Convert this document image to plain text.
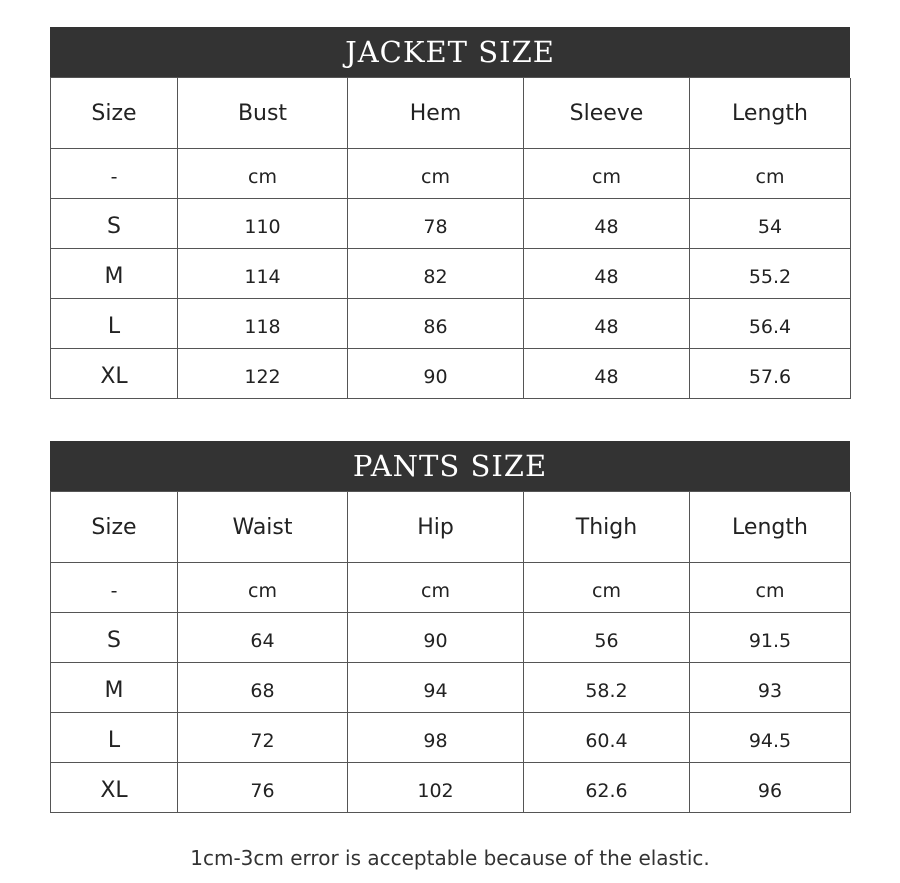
JACKET SIZE
Size	Bust	Hem	Sleeve	Length
-	cm	cm	cm	cm
S	110	78	48	54
M	114	82	48	55.2
L	118	86	48	56.4
XL	122	90	48	57.6
PANTS SIZE
Size	Waist	Hip	Thigh	Length
-	cm	cm	cm	cm
S	64	90	56	91.5
M	68	94	58.2	93
L	72	98	60.4	94.5
XL	76	102	62.6	96
1cm-3cm error is acceptable because of the elastic.
